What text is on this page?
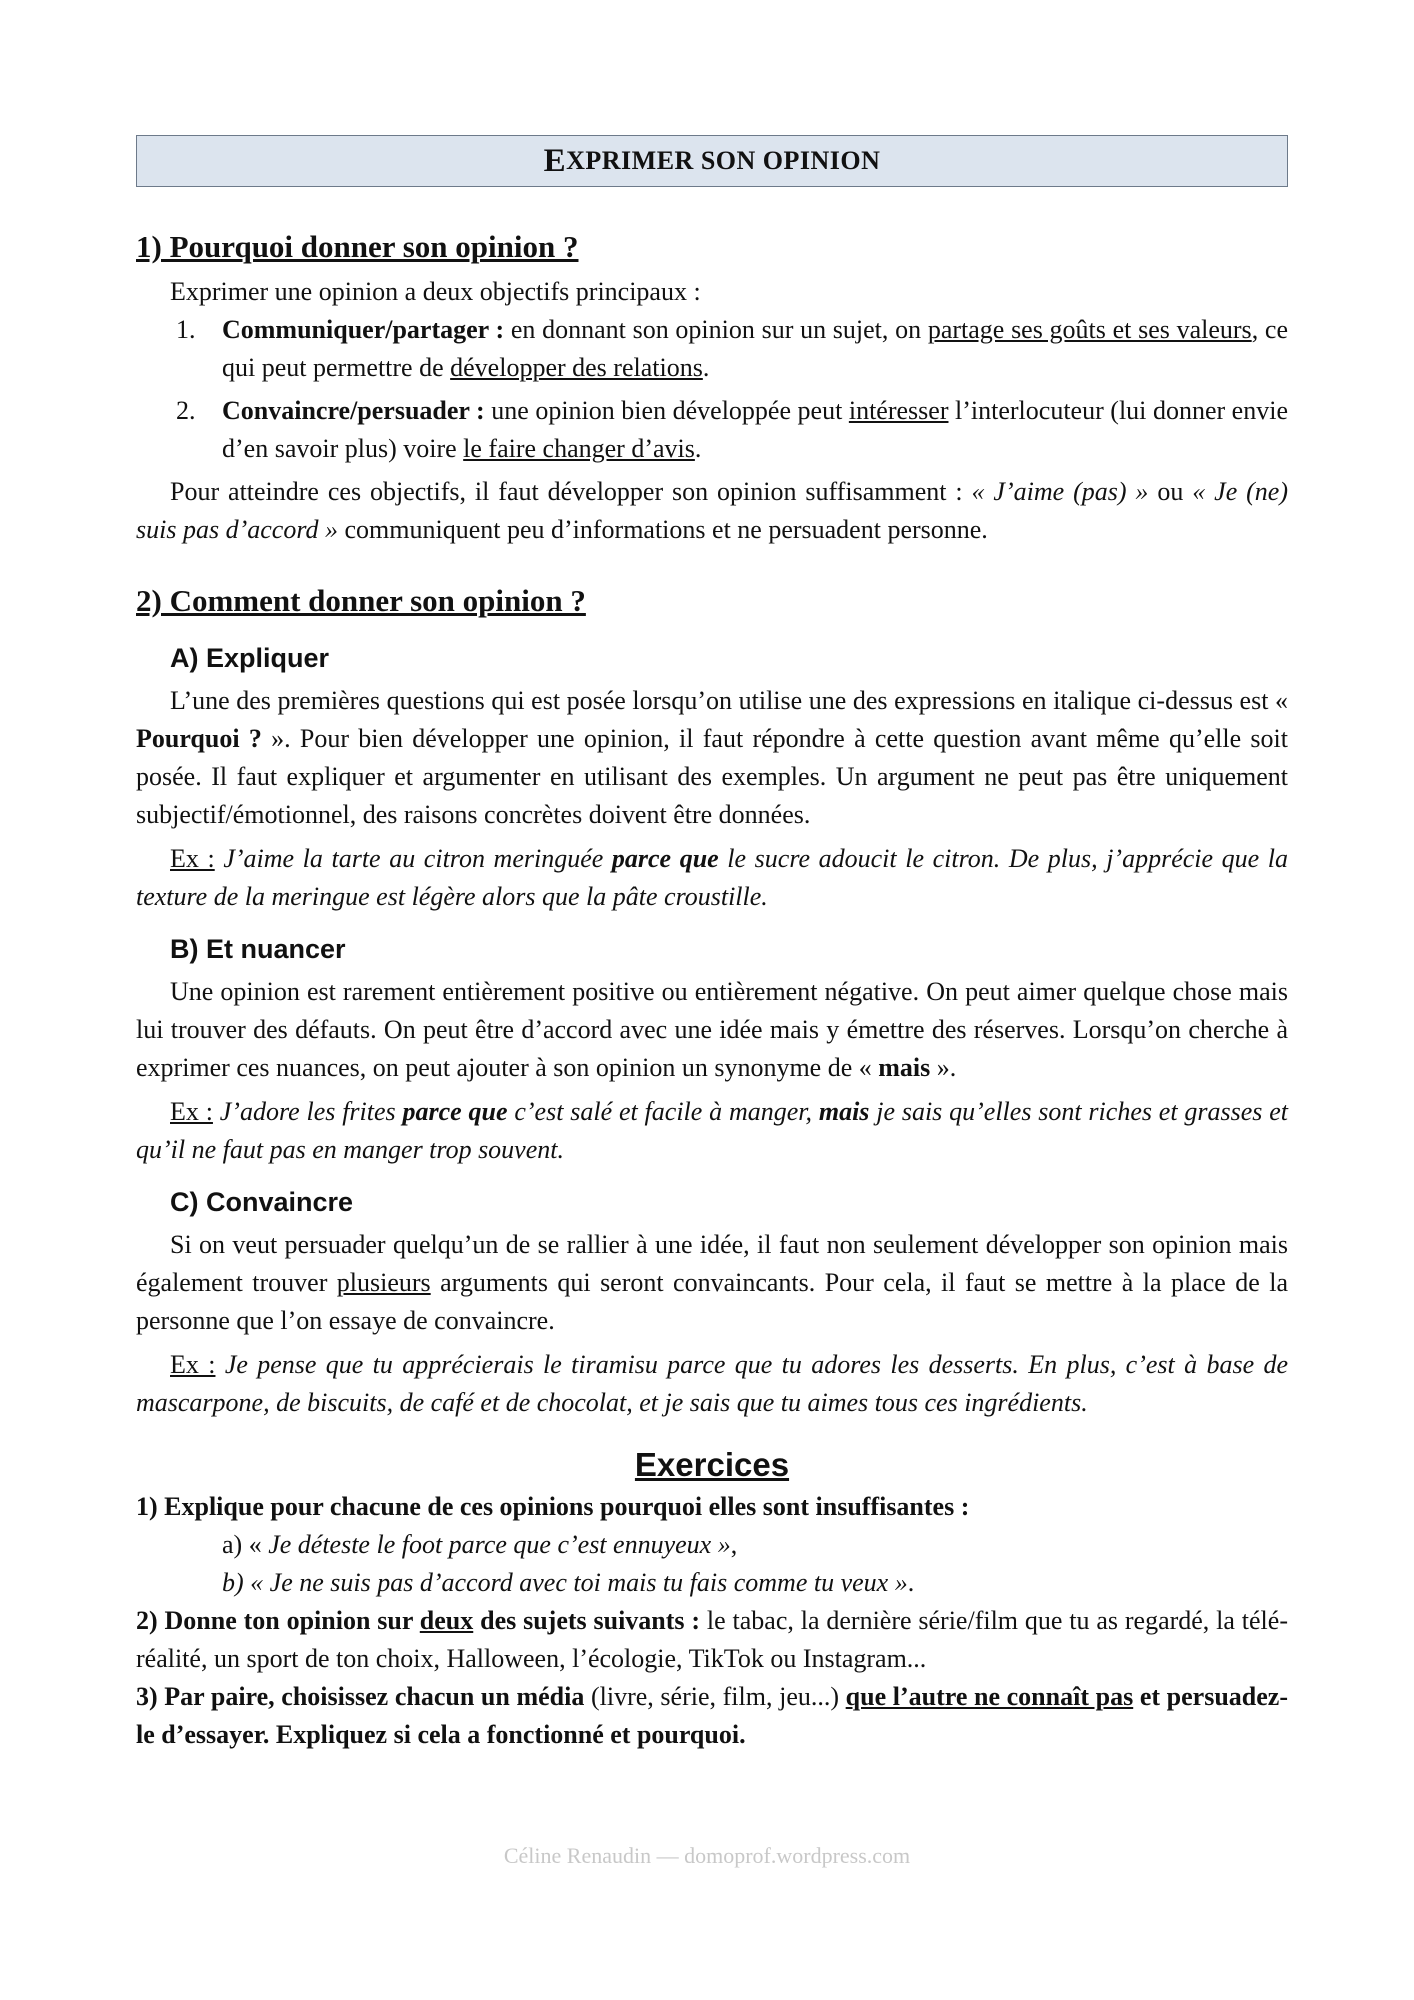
E XPRIMER SON OPINION
1) Pourquoi donner son opinion ?

Exprimer une opinion a deux objectifs principaux :

1. Communiquer/partager : en donnant son opinion sur un sujet, on partage ses goûts et ses valeurs, ce qui peut permettre de développer des relations.
2. Convaincre/persuader : une opinion bien développée peut intéresser l’interlocuteur (lui donner envie d’en savoir plus) voire le faire changer d’avis.

Pour atteindre ces objectifs, il faut développer son opinion suffisamment : « J’aime (pas) » ou « Je (ne) suis pas d’accord » communiquent peu d’informations et ne persuadent personne.

2) Comment donner son opinion ?
A) Expliquer

L’une des premières questions qui est posée lorsqu’on utilise une des expressions en italique ci-dessus est « Pourquoi ? ». Pour bien développer une opinion, il faut répondre à cette question avant même qu’elle soit posée. Il faut expliquer et argumenter en utilisant des exemples. Un argument ne peut pas être uniquement subjectif/émotionnel, des raisons concrètes doivent être données.

Ex : J’aime la tarte au citron meringuée parce que le sucre adoucit le citron. De plus, j’apprécie que la texture de la meringue est légère alors que la pâte croustille.

B) Et nuancer

Une opinion est rarement entièrement positive ou entièrement négative. On peut aimer quelque chose mais lui trouver des défauts. On peut être d’accord avec une idée mais y émettre des réserves. Lorsqu’on cherche à exprimer ces nuances, on peut ajouter à son opinion un synonyme de « mais ».

Ex : J’adore les frites parce que c’est salé et facile à manger, mais je sais qu’elles sont riches et grasses et qu’il ne faut pas en manger trop souvent.

C) Convaincre

Si on veut persuader quelqu’un de se rallier à une idée, il faut non seulement développer son opinion mais également trouver plusieurs arguments qui seront convaincants. Pour cela, il faut se mettre à la place de la personne que l’on essaye de convaincre.

Ex : Je pense que tu apprécierais le tiramisu parce que tu adores les desserts. En plus, c’est à base de mascarpone, de biscuits, de café et de chocolat, et je sais que tu aimes tous ces ingrédients.

Exercices

1) Explique pour chacune de ces opinions pourquoi elles sont insuffisantes :

a) « Je déteste le foot parce que c’est ennuyeux »,

b) « Je ne suis pas d’accord avec toi mais tu fais comme tu veux ».

2) Donne ton opinion sur deux des sujets suivants : le tabac, la dernière série/film que tu as regardé, la télé-réalité, un sport de ton choix, Halloween, l’écologie, TikTok ou Instagram...

3) Par paire, choisissez chacun un média (livre, série, film, jeu...) que l’autre ne connaît pas et persuadez-le d’essayer. Expliquez si cela a fonctionné et pourquoi.

Céline Renaudin — domoprof.wordpress.com
